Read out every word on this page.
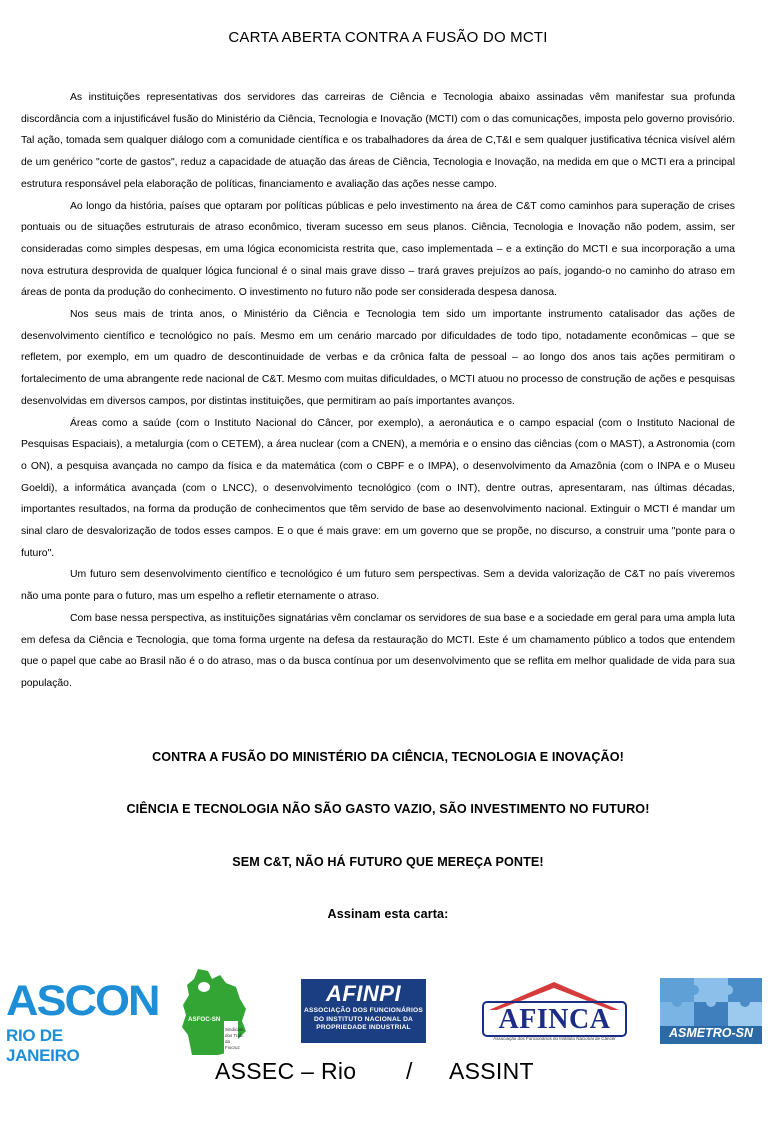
CARTA ABERTA CONTRA A FUSÃO DO MCTI

As instituições representativas dos servidores das carreiras de Ciência e Tecnologia abaixo assinadas vêm manifestar sua profunda discordância com a injustificável fusão do Ministério da Ciência, Tecnologia e Inovação (MCTI) com o das comunicações, imposta pelo governo provisório. Tal ação, tomada sem qualquer diálogo com a comunidade científica e os trabalhadores da área de C,T&I e sem qualquer justificativa técnica visível além de um genérico "corte de gastos", reduz a capacidade de atuação das áreas de Ciência, Tecnologia e Inovação, na medida em que o MCTI era a principal estrutura responsável pela elaboração de políticas, financiamento e avaliação das ações nesse campo.

Ao longo da história, países que optaram por políticas públicas e pelo investimento na área de C&T como caminhos para superação de crises pontuais ou de situações estruturais de atraso econômico, tiveram sucesso em seus planos. Ciência, Tecnologia e Inovação não podem, assim, ser consideradas como simples despesas, em uma lógica economicista restrita que, caso implementada – e a extinção do MCTI e sua incorporação a uma nova estrutura desprovida de qualquer lógica funcional é o sinal mais grave disso – trará graves prejuízos ao país, jogando-o no caminho do atraso em áreas de ponta da produção do conhecimento. O investimento no futuro não pode ser considerada despesa danosa.

Nos seus mais de trinta anos, o Ministério da Ciência e Tecnologia tem sido um importante instrumento catalisador das ações de desenvolvimento científico e tecnológico no país. Mesmo em um cenário marcado por dificuldades de todo tipo, notadamente econômicas – que se refletem, por exemplo, em um quadro de descontinuidade de verbas e da crônica falta de pessoal – ao longo dos anos tais ações permitiram o fortalecimento de uma abrangente rede nacional de C&T. Mesmo com muitas dificuldades, o MCTI atuou no processo de construção de ações e pesquisas desenvolvidas em diversos campos, por distintas instituições, que permitiram ao país importantes avanços.

Áreas como a saúde (com o Instituto Nacional do Câncer, por exemplo), a aeronáutica e o campo espacial (com o Instituto Nacional de Pesquisas Espaciais), a metalurgia (com o CETEM), a área nuclear (com a CNEN), a memória e o ensino das ciências (com o MAST), a Astronomia (com o ON), a pesquisa avançada no campo da física e da matemática (com o CBPF e o IMPA), o desenvolvimento da Amazônia (com o INPA e o Museu Goeldi), a informática avançada (com o LNCC), o desenvolvimento tecnológico (com o INT), dentre outras, apresentaram, nas últimas décadas, importantes resultados, na forma da produção de conhecimentos que têm servido de base ao desenvolvimento nacional. Extinguir o MCTI é mandar um sinal claro de desvalorização de todos esses campos. E o que é mais grave: em um governo que se propõe, no discurso, a construir uma "ponte para o futuro".

Um futuro sem desenvolvimento científico e tecnológico é um futuro sem perspectivas. Sem a devida valorização de C&T no país viveremos não uma ponte para o futuro, mas um espelho a refletir eternamente o atraso.

Com base nessa perspectiva, as instituições signatárias vêm conclamar os servidores de sua base e a sociedade em geral para uma ampla luta em defesa da Ciência e Tecnologia, que toma forma urgente na defesa da restauração do MCTI. Este é um chamamento público a todos que entendem que o papel que cabe ao Brasil não é o do atraso, mas o da busca contínua por um desenvolvimento que se reflita em melhor qualidade de vida para sua população.

CONTRA A FUSÃO DO MINISTÉRIO DA CIÊNCIA, TECNOLOGIA E INOVAÇÃO!
CIÊNCIA E TECNOLOGIA NÃO SÃO GASTO VAZIO, SÃO INVESTIMENTO NO FUTURO!
SEM C&T, NÃO HÁ FUTURO QUE MEREÇA PONTE!
Assinam esta carta:
ASCON
RIO DE JANEIRO
Sindicato
dos Trab.
da
Fiocruz
ASFOC-SN
AFINPI
ASSOCIAÇÃO DOS FUNCIONÁRIOS
DO INSTITUTO NACIONAL DA
PROPRIEDADE INDUSTRIAL	AFINCA
Associação dos Funcionários do Instituto Nacional de Câncer	ASMETRO-SN
ASSEC – Rio / ASSINT
